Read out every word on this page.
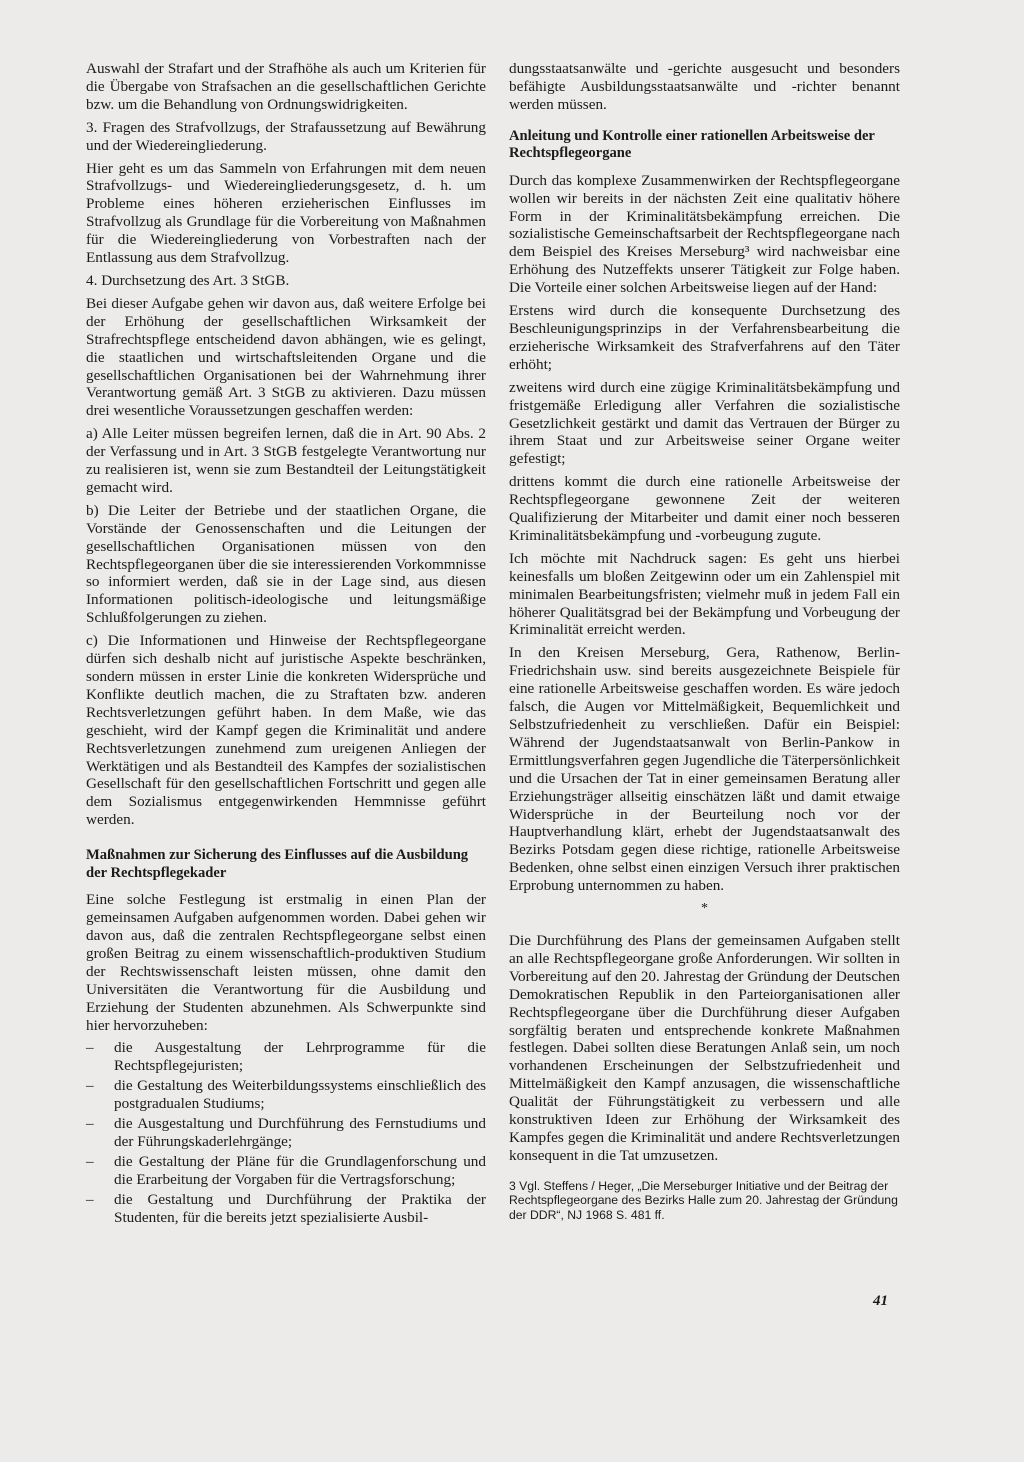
Auswahl der Strafart und der Strafhöhe als auch um Kriterien für die Übergabe von Strafsachen an die gesellschaftlichen Gerichte bzw. um die Behandlung von Ordnungswidrigkeiten.

3. Fragen des Strafvollzugs, der Strafaussetzung auf Bewährung und der Wiedereingliederung.

Hier geht es um das Sammeln von Erfahrungen mit dem neuen Strafvollzugs- und Wiedereingliederungsgesetz, d. h. um Probleme eines höheren erzieherischen Einflusses im Strafvollzug als Grundlage für die Vorbereitung von Maßnahmen für die Wiedereingliederung von Vorbestraften nach der Entlassung aus dem Strafvollzug.

4. Durchsetzung des Art. 3 StGB.

Bei dieser Aufgabe gehen wir davon aus, daß weitere Erfolge bei der Erhöhung der gesellschaftlichen Wirksamkeit der Strafrechtspflege entscheidend davon abhängen, wie es gelingt, die staatlichen und wirtschaftsleitenden Organe und die gesellschaftlichen Organisationen bei der Wahrnehmung ihrer Verantwortung gemäß Art. 3 StGB zu aktivieren. Dazu müssen drei wesentliche Voraussetzungen geschaffen werden:

a) Alle Leiter müssen begreifen lernen, daß die in Art. 90 Abs. 2 der Verfassung und in Art. 3 StGB festgelegte Verantwortung nur zu realisieren ist, wenn sie zum Bestandteil der Leitungstätigkeit gemacht wird.

b) Die Leiter der Betriebe und der staatlichen Organe, die Vorstände der Genossenschaften und die Leitungen der gesellschaftlichen Organisationen müssen von den Rechtspflegeorganen über die sie interessierenden Vorkommnisse so informiert werden, daß sie in der Lage sind, aus diesen Informationen politisch-ideologische und leitungsmäßige Schlußfolgerungen zu ziehen.

c) Die Informationen und Hinweise der Rechtspflegeorgane dürfen sich deshalb nicht auf juristische Aspekte beschränken, sondern müssen in erster Linie die konkreten Widersprüche und Konflikte deutlich machen, die zu Straftaten bzw. anderen Rechtsverletzungen geführt haben. In dem Maße, wie das geschieht, wird der Kampf gegen die Kriminalität und andere Rechtsverletzungen zunehmend zum ureigenen Anliegen der Werktätigen und als Bestandteil des Kampfes der sozialistischen Gesellschaft für den gesellschaftlichen Fortschritt und gegen alle dem Sozialismus entgegenwirkenden Hemmnisse geführt werden.

Maßnahmen zur Sicherung des Einflusses auf die Ausbildung der Rechtspflegekader

Eine solche Festlegung ist erstmalig in einen Plan der gemeinsamen Aufgaben aufgenommen worden. Dabei gehen wir davon aus, daß die zentralen Rechtspflegeorgane selbst einen großen Beitrag zu einem wissenschaftlich-produktiven Studium der Rechtswissenschaft leisten müssen, ohne damit den Universitäten die Verantwortung für die Ausbildung und Erziehung der Studenten abzunehmen. Als Schwerpunkte sind hier hervorzuheben:

– die Ausgestaltung der Lehrprogramme für die Rechtspflegejuristen;
– die Gestaltung des Weiterbildungssystems einschließlich des postgradualen Studiums;
– die Ausgestaltung und Durchführung des Fernstudiums und der Führungskaderlehrgänge;
– die Gestaltung der Pläne für die Grundlagenforschung und die Erarbeitung der Vorgaben für die Vertragsforschung;
– die Gestaltung und Durchführung der Praktika der Studenten, für die bereits jetzt spezialisierte Ausbil-

dungsstaatsanwälte und -gerichte ausgesucht und besonders befähigte Ausbildungsstaatsanwälte und -richter benannt werden müssen.

Anleitung und Kontrolle einer rationellen Arbeitsweise der Rechtspflegeorgane

Durch das komplexe Zusammenwirken der Rechtspflegeorgane wollen wir bereits in der nächsten Zeit eine qualitativ höhere Form in der Kriminalitätsbekämpfung erreichen. Die sozialistische Gemeinschaftsarbeit der Rechtspflegeorgane nach dem Beispiel des Kreises Merseburg³ wird nachweisbar eine Erhöhung des Nutzeffekts unserer Tätigkeit zur Folge haben. Die Vorteile einer solchen Arbeitsweise liegen auf der Hand:

Erstens wird durch die konsequente Durchsetzung des Beschleunigungsprinzips in der Verfahrensbearbeitung die erzieherische Wirksamkeit des Strafverfahrens auf den Täter erhöht;

zweitens wird durch eine zügige Kriminalitätsbekämpfung und fristgemäße Erledigung aller Verfahren die sozialistische Gesetzlichkeit gestärkt und damit das Vertrauen der Bürger zu ihrem Staat und zur Arbeitsweise seiner Organe weiter gefestigt;

drittens kommt die durch eine rationelle Arbeitsweise der Rechtspflegeorgane gewonnene Zeit der weiteren Qualifizierung der Mitarbeiter und damit einer noch besseren Kriminalitätsbekämpfung und -vorbeugung zugute.

Ich möchte mit Nachdruck sagen: Es geht uns hierbei keinesfalls um bloßen Zeitgewinn oder um ein Zahlenspiel mit minimalen Bearbeitungsfristen; vielmehr muß in jedem Fall ein höherer Qualitätsgrad bei der Bekämpfung und Vorbeugung der Kriminalität erreicht werden.

In den Kreisen Merseburg, Gera, Rathenow, Berlin-Friedrichshain usw. sind bereits ausgezeichnete Beispiele für eine rationelle Arbeitsweise geschaffen worden. Es wäre jedoch falsch, die Augen vor Mittelmäßigkeit, Bequemlichkeit und Selbstzufriedenheit zu verschließen. Dafür ein Beispiel: Während der Jugendstaatsanwalt von Berlin-Pankow in Ermittlungsverfahren gegen Jugendliche die Täterpersönlichkeit und die Ursachen der Tat in einer gemeinsamen Beratung aller Erziehungsträger allseitig einschätzen läßt und damit etwaige Widersprüche in der Beurteilung noch vor der Hauptverhandlung klärt, erhebt der Jugendstaatsanwalt des Bezirks Potsdam gegen diese richtige, rationelle Arbeitsweise Bedenken, ohne selbst einen einzigen Versuch ihrer praktischen Erprobung unternommen zu haben.

*

Die Durchführung des Plans der gemeinsamen Aufgaben stellt an alle Rechtspflegeorgane große Anforderungen. Wir sollten in Vorbereitung auf den 20. Jahrestag der Gründung der Deutschen Demokratischen Republik in den Parteiorganisationen aller Rechtspflegeorgane über die Durchführung dieser Aufgaben sorgfältig beraten und entsprechende konkrete Maßnahmen festlegen. Dabei sollten diese Beratungen Anlaß sein, um noch vorhandenen Erscheinungen der Selbstzufriedenheit und Mittelmäßigkeit den Kampf anzusagen, die wissenschaftliche Qualität der Führungstätigkeit zu verbessern und alle konstruktiven Ideen zur Erhöhung der Wirksamkeit des Kampfes gegen die Kriminalität und andere Rechtsverletzungen konsequent in die Tat umzusetzen.

3 Vgl. Steffens / Heger, „Die Merseburger Initiative und der Beitrag der Rechtspflegeorgane des Bezirks Halle zum 20. Jahrestag der Gründung der DDR“, NJ 1968 S. 481 ff.

41
